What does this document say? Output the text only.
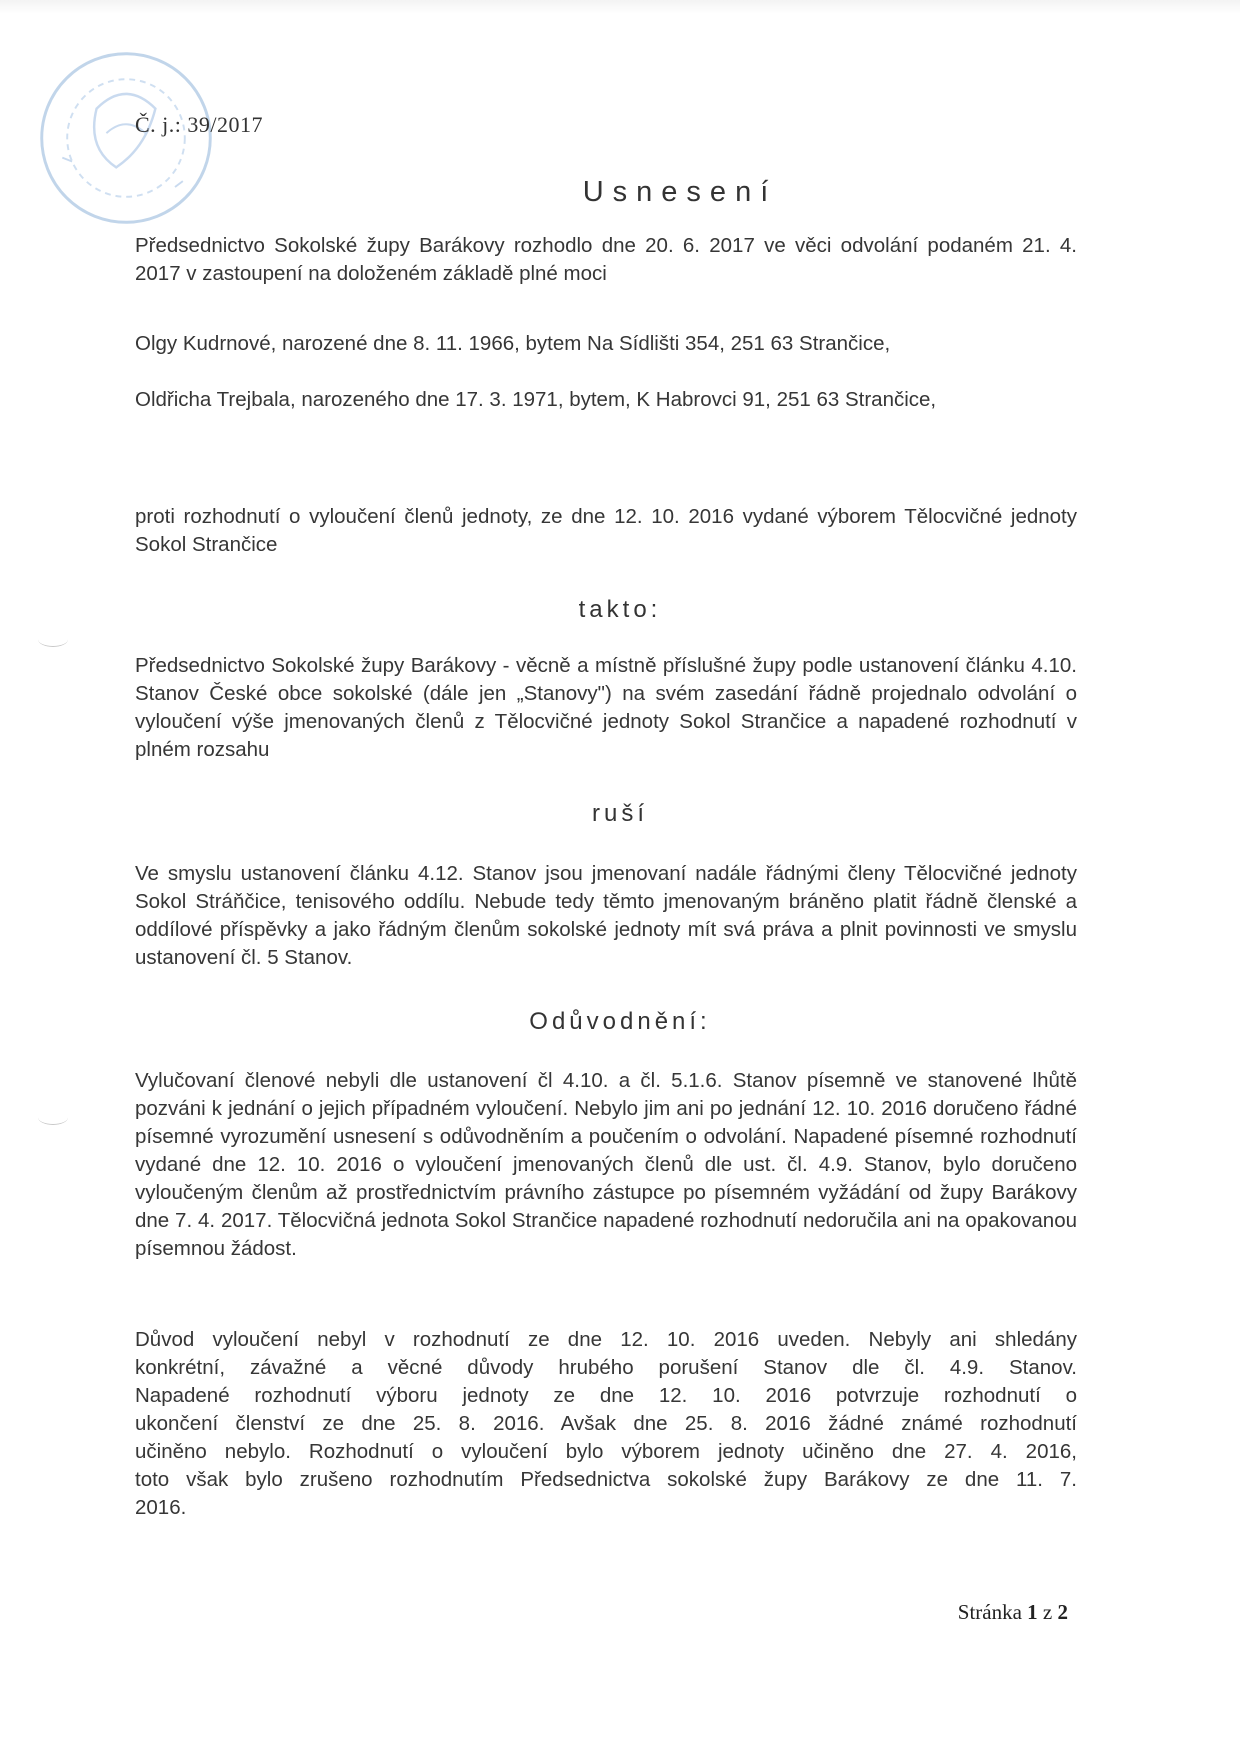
Č. j.: 39/2017
Usnesení

Předsednictvo Sokolské župy Barákovy rozhodlo dne 20. 6. 2017 ve věci odvolání podaném 21. 4. 2017 v zastoupení na doloženém základě plné moci

Olgy Kudrnové, narozené dne 8. 11. 1966, bytem Na Sídlišti 354, 251 63 Strančice,
Oldřicha Trejbala, narozeného dne 17. 3. 1971, bytem, K Habrovci 91, 251 63 Strančice,

proti rozhodnutí o vyloučení členů jednoty, ze dne 12. 10. 2016 vydané výborem Tělocvičné jednoty Sokol Strančice

takto:

Předsednictvo Sokolské župy Barákovy - věcně a místně příslušné župy podle ustanovení článku 4.10. Stanov České obce sokolské (dále jen „Stanovy") na svém zasedání řádně projednalo odvolání o vyloučení výše jmenovaných členů z Tělocvičné jednoty Sokol Strančice a napadené rozhodnutí v plném rozsahu

ruší

Ve smyslu ustanovení článku 4.12. Stanov jsou jmenovaní nadále řádnými členy Tělocvičné jednoty Sokol Stráňčice, tenisového oddílu. Nebude tedy těmto jmenovaným bráněno platit řádně členské a oddílové příspěvky a jako řádným členům sokolské jednoty mít svá práva a plnit povinnosti ve smyslu ustanovení čl. 5 Stanov.

Odůvodnění:

Vylučovaní členové nebyli dle ustanovení čl 4.10. a čl. 5.1.6. Stanov písemně ve stanovené lhůtě pozváni k jednání o jejich případném vyloučení. Nebylo jim ani po jednání 12. 10. 2016 doručeno řádné písemné vyrozumění usnesení s odůvodněním a poučením o odvolání. Napadené písemné rozhodnutí vydané dne 12. 10. 2016 o vyloučení jmenovaných členů dle ust. čl. 4.9. Stanov, bylo doručeno vyloučeným členům až prostřednictvím právního zástupce po písemném vyžádání od župy Barákovy dne 7. 4. 2017. Tělocvičná jednota Sokol Strančice napadené rozhodnutí nedoručila ani na opakovanou písemnou žádost.

Důvod vyloučení nebyl v rozhodnutí ze dne 12. 10. 2016 uveden. Nebyly ani shledány
konkrétní, závažné a věcné důvody hrubého porušení Stanov dle čl. 4.9. Stanov.
Napadené rozhodnutí výboru jednoty ze dne 12. 10. 2016 potvrzuje rozhodnutí o
ukončení členství ze dne 25. 8. 2016. Avšak dne 25. 8. 2016 žádné známé rozhodnutí
učiněno nebylo. Rozhodnutí o vyloučení bylo výborem jednoty učiněno dne 27. 4. 2016,
toto však bylo zrušeno rozhodnutím Předsednictva sokolské župy Barákovy ze dne 11. 7.
2016.
Stránka 1 z 2
